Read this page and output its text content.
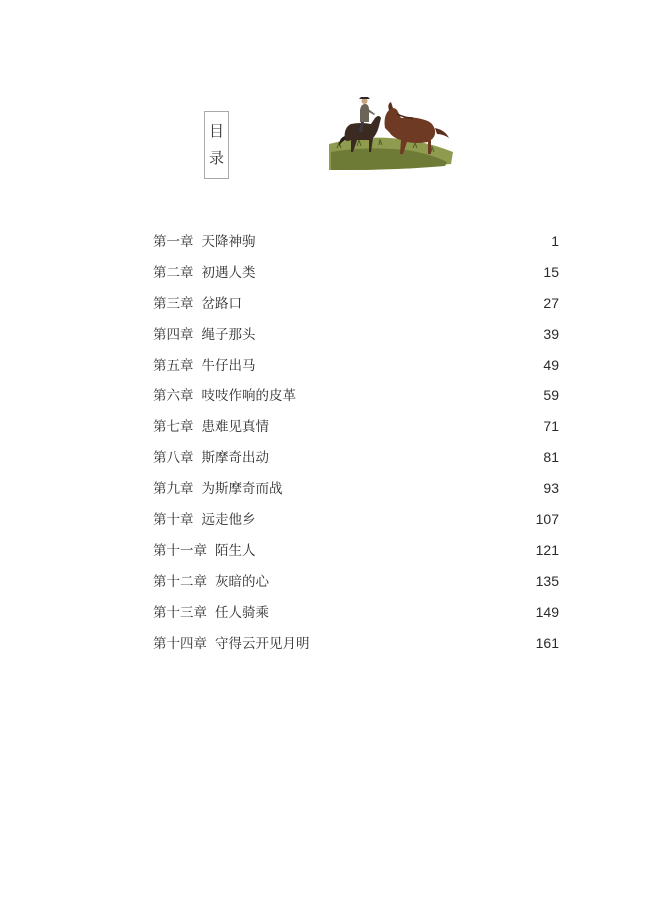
目
录
第一章 天降神驹	1
第二章 初遇人类	15
第三章 岔路口	27
第四章 绳子那头	39
第五章 牛仔出马	49
第六章 吱吱作响的皮革	59
第七章 患难见真情	71
第八章 斯摩奇出动	81
第九章 为斯摩奇而战	93
第十章 远走他乡	107
第十一章 陌生人	121
第十二章 灰暗的心	135
第十三章 任人骑乘	149
第十四章 守得云开见月明	161
